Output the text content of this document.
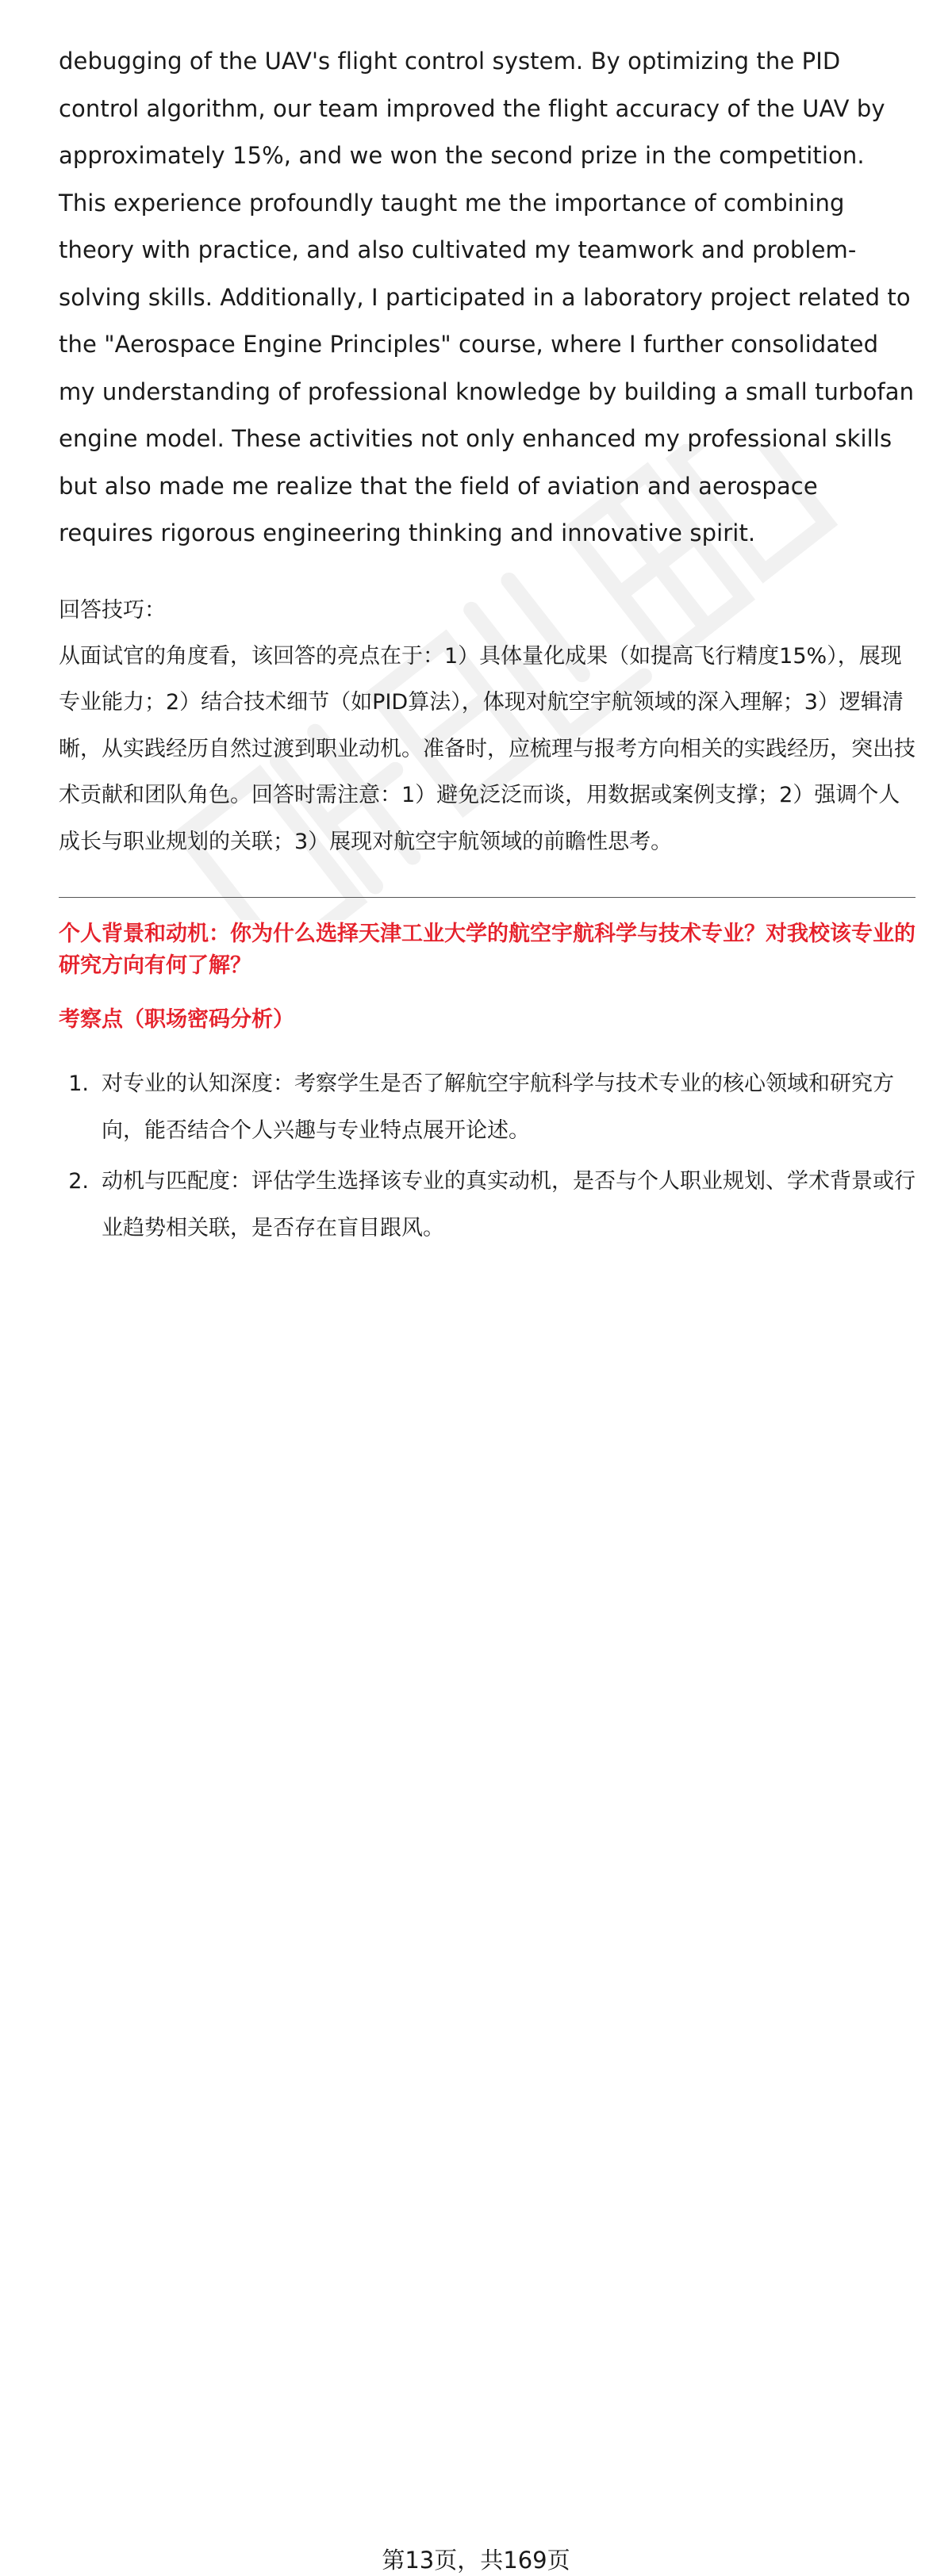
debugging of the UAV's flight control system. By optimizing the PID control algorithm, our team improved the flight accuracy of the UAV by approximately 15%, and we won the second prize in the competition. This experience profoundly taught me the importance of combining theory with practice, and also cultivated my teamwork and problem-solving skills. Additionally, I participated in a laboratory project related to the "Aerospace Engine Principles" course, where I further consolidated my understanding of professional knowledge by building a small turbofan engine model. These activities not only enhanced my professional skills but also made me realize that the field of aviation and aerospace requires rigorous engineering thinking and innovative spirit.

回答技巧：

从面试官的角度看，该回答的亮点在于：1）具体量化成果（如提高飞行精度15%），展现专业能力；2）结合技术细节（如PID算法），体现对航空宇航领域的深入理解；3）逻辑清晰，从实践经历自然过渡到职业动机。准备时，应梳理与报考方向相关的实践经历，突出技术贡献和团队角色。回答时需注意：1）避免泛泛而谈，用数据或案例支撑；2）强调个人成长与职业规划的关联；3）展现对航空宇航领域的前瞻性思考。

个人背景和动机：你为什么选择天津工业大学的航空宇航科学与技术专业？对我校该专业的研究方向有何了解？

考察点（职场密码分析）

1. 对专业的认知深度：考察学生是否了解航空宇航科学与技术专业的核心领域和研究方向，能否结合个人兴趣与专业特点展开论述。
2. 动机与匹配度：评估学生选择该专业的真实动机，是否与个人职业规划、学术背景或行业趋势相关联，是否存在盲目跟风。
第13页，共169页
